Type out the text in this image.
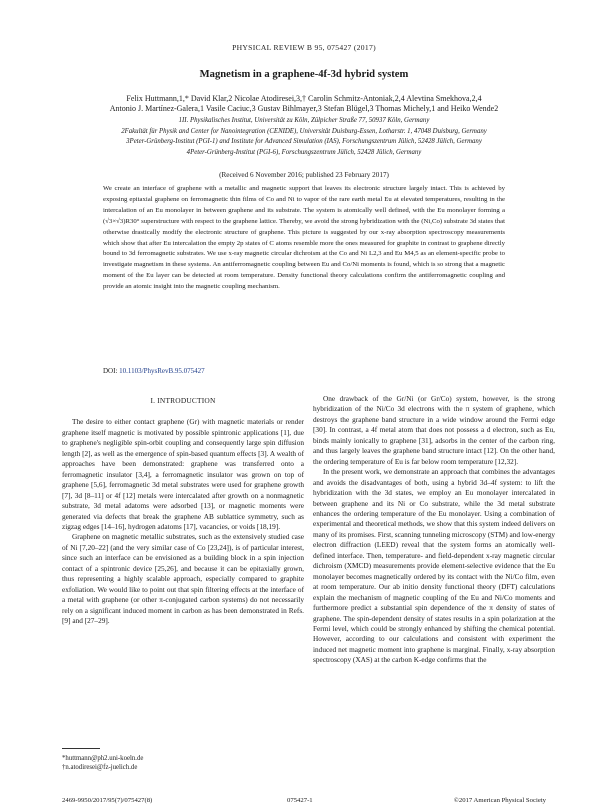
PHYSICAL REVIEW B 95, 075427 (2017)
Magnetism in a graphene-4f-3d hybrid system
Felix Huttmann,1,* David Klar,2 Nicolae Atodiresei,3,† Carolin Schmitz-Antoniak,2,4 Alevtina Smekhova,2,4
Antonio J. Martínez-Galera,1 Vasile Caciuc,3 Gustav Bihlmayer,3 Stefan Blügel,3 Thomas Michely,1 and Heiko Wende2
1II. Physikalisches Institut, Universität zu Köln, Zülpicher Straße 77, 50937 Köln, Germany
2Fakultät für Physik and Center for Nanointegration (CENIDE), Universität Duisburg-Essen, Lotharstr. 1, 47048 Duisburg, Germany
3Peter-Grünberg-Institut (PGI-1) and Institute for Advanced Simulation (IAS), Forschungszentrum Jülich, 52428 Jülich, Germany
4Peter-Grünberg-Institut (PGI-6), Forschungszentrum Jülich, 52428 Jülich, Germany
(Received 6 November 2016; published 23 February 2017)
We create an interface of graphene with a metallic and magnetic support that leaves its electronic structure largely intact. This is achieved by exposing epitaxial graphene on ferromagnetic thin films of Co and Ni to vapor of the rare earth metal Eu at elevated temperatures, resulting in the intercalation of an Eu monolayer in between graphene and its substrate. The system is atomically well defined, with the Eu monolayer forming a (√3×√3)R30° superstructure with respect to the graphene lattice. Thereby, we avoid the strong hybridization with the (Ni,Co) substrate 3d states that otherwise drastically modify the electronic structure of graphene. This picture is suggested by our x-ray absorption spectroscopy measurements which show that after Eu intercalation the empty 2p states of C atoms resemble more the ones measured for graphite in contrast to graphene directly bound to 3d ferromagnetic substrates. We use x-ray magnetic circular dichroism at the Co and Ni L2,3 and Eu M4,5 as an element-specific probe to investigate magnetism in these systems. An antiferromagnetic coupling between Eu and Co/Ni moments is found, which is so strong that a magnetic moment of the Eu layer can be detected at room temperature. Density functional theory calculations confirm the antiferromagnetic coupling and provide an atomic insight into the magnetic coupling mechanism.
DOI: 10.1103/PhysRevB.95.075427
I. INTRODUCTION

The desire to either contact graphene (Gr) with magnetic materials or render graphene itself magnetic is motivated by possible spintronic applications [1], due to graphene's negligible spin-orbit coupling and consequently large spin diffusion length [2], as well as the emergence of spin-based quantum effects [3]. A wealth of approaches have been demonstrated: graphene was transferred onto a ferromagnetic insulator [3,4], a ferromagnetic insulator was grown on top of graphene [5,6], ferromagnetic 3d metal substrates were used for graphene growth [7], 3d [8–11] or 4f [12] metals were intercalated after growth on a nonmagnetic substrate, 3d metal adatoms were adsorbed [13], or magnetic moments were generated via defects that break the graphene AB sublattice symmetry, such as zigzag edges [14–16], hydrogen adatoms [17], vacancies, or voids [18,19].

Graphene on magnetic metallic substrates, such as the extensively studied case of Ni [7,20–22] (and the very similar case of Co [23,24]), is of particular interest, since such an interface can be envisioned as a building block in a spin injection contact of a spintronic device [25,26], and because it can be epitaxially grown, thus representing a highly scalable approach, especially compared to graphite exfoliation. We would like to point out that spin filtering effects at the interface of a metal with graphene (or other π-conjugated carbon systems) do not necessarily rely on a significant induced moment in carbon as has been demonstrated in Refs. [9] and [27–29].

One drawback of the Gr/Ni (or Gr/Co) system, however, is the strong hybridization of the Ni/Co 3d electrons with the π system of graphene, which destroys the graphene band structure in a wide window around the Fermi edge [30]. In contrast, a 4f metal atom that does not possess a d electron, such as Eu, binds mainly ionically to graphene [31], adsorbs in the center of the carbon ring, and thus largely leaves the graphene band structure intact [12]. On the other hand, the ordering temperature of Eu is far below room temperature [12,32].

In the present work, we demonstrate an approach that combines the advantages and avoids the disadvantages of both, using a hybrid 3d–4f system: to lift the hybridization with the 3d states, we employ an Eu monolayer intercalated in between graphene and its Ni or Co substrate, while the 3d metal substrate enhances the ordering temperature of the Eu monolayer. Using a combination of experimental and theoretical methods, we show that this system indeed delivers on many of its promises. First, scanning tunneling microscopy (STM) and low-energy electron diffraction (LEED) reveal that the system forms an atomically well-defined interface. Then, temperature- and field-dependent x-ray magnetic circular dichroism (XMCD) measurements provide element-selective evidence that the Eu monolayer becomes magnetically ordered by its contact with the Ni/Co film, even at room temperature. Our ab initio density functional theory (DFT) calculations explain the mechanism of magnetic coupling of the Eu and Ni/Co moments and furthermore predict a substantial spin dependence of the π density of states of graphene. The spin-dependent density of states results in a spin polarization at the Fermi level, which could be strongly enhanced by shifting the chemical potential. However, according to our calculations and consistent with experiment the induced net magnetic moment into graphene is marginal. Finally, x-ray absorption spectroscopy (XAS) at the carbon K-edge confirms that the

*huttmann@ph2.uni-koeln.de
†n.atodiresei@fz-juelich.de
2469-9950/2017/95(7)/075427(8)	075427-1	©2017 American Physical Society
